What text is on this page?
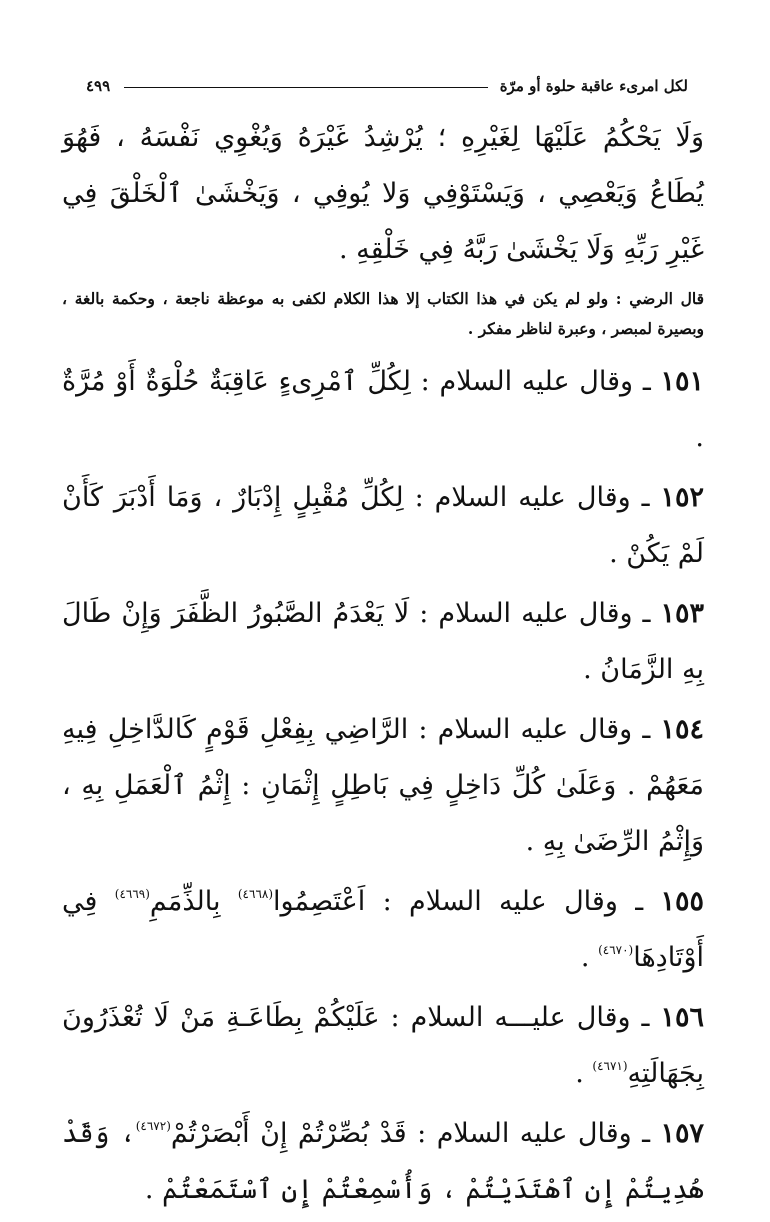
لكل امرىء عاقبة حلوة أو مرّة
٤٩٩

وَلَا يَحْكُمُ عَلَيْهَا لِغَيْرِهِ ؛ يُرْشِدُ غَيْرَهُ وَيُغْوِي نَفْسَهُ ، فَهُوَ يُطَاعُ وَيَعْصِي ، وَيَسْتَوْفِي وَلا يُوفِي ، وَيَخْشَىٰ ٱلْخَلْقَ فِي غَيْرِ رَبِّهِ وَلَا يَخْشَىٰ رَبَّهُ فِي خَلْقِهِ .

قال الرضي : ولو لم يكن في هذا الكتاب إلا هذا الكلام لكفى به موعظة ناجعة ، وحكمة بالغة ، وبصيرة لمبصر ، وعبرة لناظر مفكر .

١٥١ ـ وقال عليه السلام : لِكُلِّ ٱمْرِىءٍ عَاقِبَةٌ حُلْوَةٌ أَوْ مُرَّةٌ .

١٥٢ ـ وقال عليه السلام : لِكُلِّ مُقْبِلٍ إِدْبَارٌ ، وَمَا أَدْبَرَ كَأَنْ لَمْ يَكُنْ .

١٥٣ ـ وقال عليه السلام : لَا يَعْدَمُ الصَّبُورُ الظَّفَرَ وَإِنْ طَالَ بِهِ الزَّمَانُ .

١٥٤ ـ وقال عليه السلام : الرَّاضِي بِفِعْلِ قَوْمٍ كَالدَّاخِلِ فِيهِ مَعَهُمْ . وَعَلَىٰ كُلِّ دَاخِلٍ فِي بَاطِلٍ إِثْمَانِ : إِثْمُ ٱلْعَمَلِ بِهِ ، وَإِثْمُ الرِّضَىٰ بِهِ .

١٥٥ ـ وقال عليه السلام : اَعْتَصِمُوا$^{(٤٦٦٨)}$ بِالذِّمَمِ$^{(٤٦٦٩)}$ فِي أَوْتَادِهَا$^{(٤٦٧٠)}$ .

١٥٦ ـ وقال عليـــه السلام : عَلَيْكُمْ بِطَاعَـةِ مَنْ لَا تُعْذَرُونَ بِجَهَالَتِهِ$^{(٤٦٧١)}$ .

١٥٧ ـ وقال عليه السلام : قَدْ بُصِّرْتُمْ إِنْ أَبْصَرْتُمْ$^{(٤٦٧٢)}$، وَقَدْ هُدِيتُمْ إِن ٱهْتَدَيْتُمْ ، وَأُسْمِعْتُمْ إِنِ ٱسْتَمَعْتُمْ .
